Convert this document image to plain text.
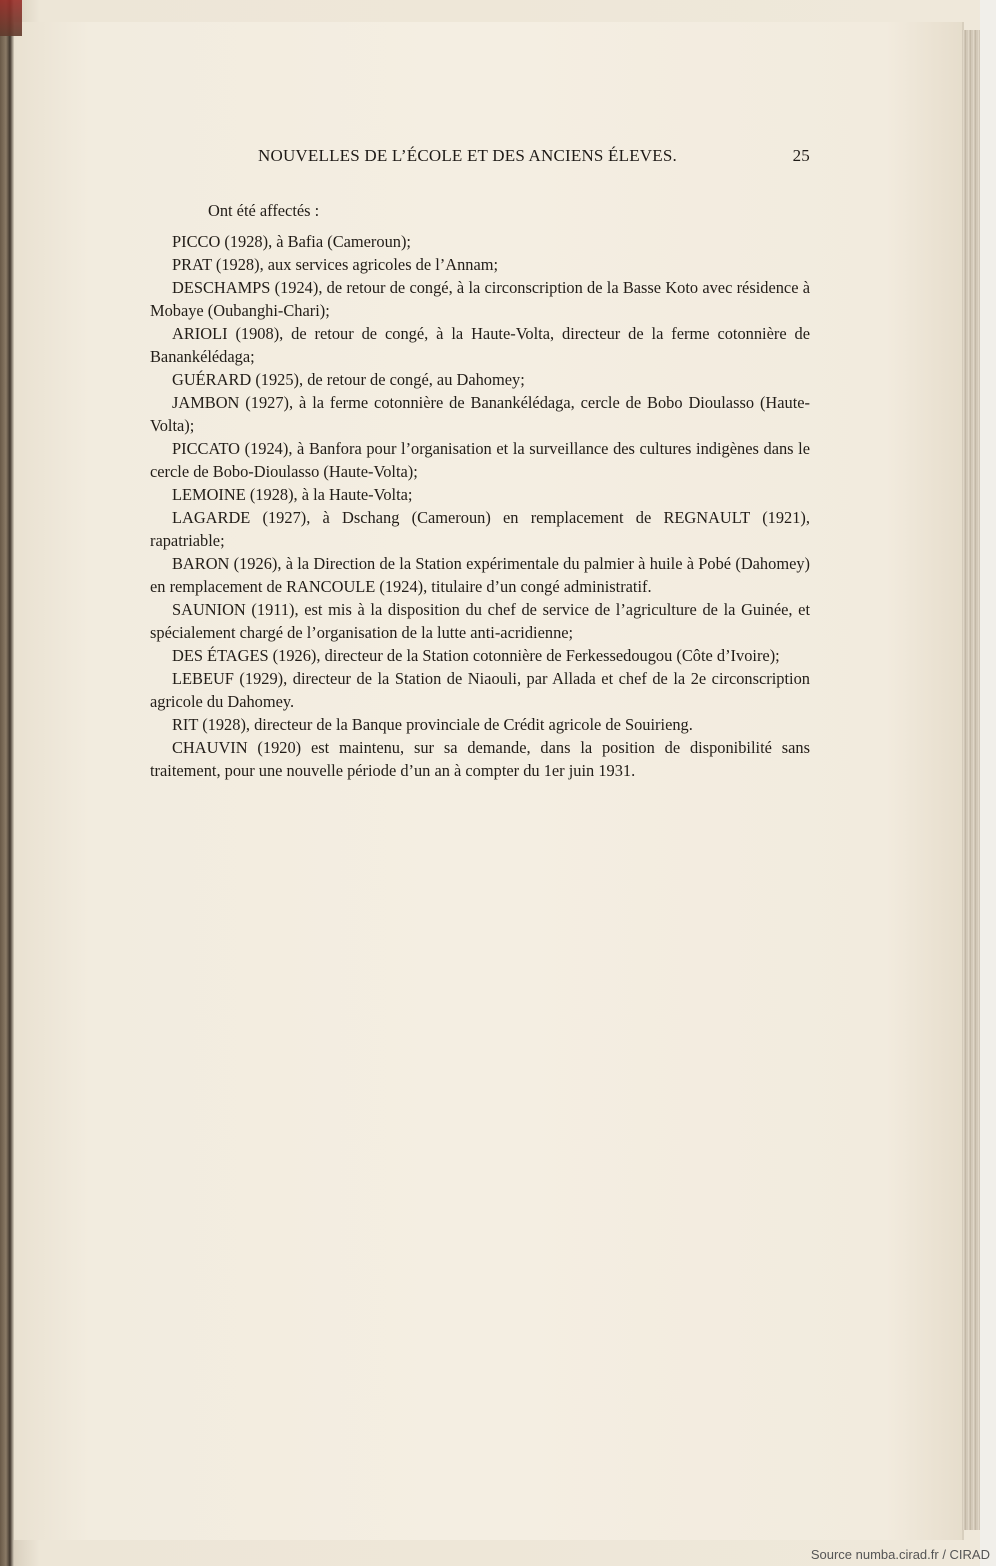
NOUVELLES DE L’ÉCOLE ET DES ANCIENS ÉLEVES.	25

Ont été affectés :

PICCO (1928), à Bafia (Cameroun);

PRAT (1928), aux services agricoles de l’Annam;

DESCHAMPS (1924), de retour de congé, à la circonscription de la Basse Koto avec résidence à Mobaye (Oubanghi-Chari);

ARIOLI (1908), de retour de congé, à la Haute-Volta, directeur de la ferme cotonnière de Banankélédaga;

GUÉRARD (1925), de retour de congé, au Dahomey;

JAMBON (1927), à la ferme cotonnière de Banankélédaga, cercle de Bobo Dioulasso (Haute-Volta);

PICCATO (1924), à Banfora pour l’organisation et la surveillance des cultures indigènes dans le cercle de Bobo-Dioulasso (Haute-Volta);

LEMOINE (1928), à la Haute-Volta;

LAGARDE (1927), à Dschang (Cameroun) en remplacement de REGNAULT (1921), rapatriable;

BARON (1926), à la Direction de la Station expérimentale du palmier à huile à Pobé (Dahomey) en remplacement de RANCOULE (1924), titulaire d’un congé administratif.

SAUNION (1911), est mis à la disposition du chef de service de l’agriculture de la Guinée, et spécialement chargé de l’organisation de la lutte anti-acridienne;

DES ÉTAGES (1926), directeur de la Station cotonnière de Ferkessedougou (Côte d’Ivoire);

LEBEUF (1929), directeur de la Station de Niaouli, par Allada et chef de la 2e circonscription agricole du Dahomey.

RIT (1928), directeur de la Banque provinciale de Crédit agricole de Souirieng.

CHAUVIN (1920) est maintenu, sur sa demande, dans la position de disponibilité sans traitement, pour une nouvelle période d’un an à compter du 1er juin 1931.

Source numba.cirad.fr / CIRAD
